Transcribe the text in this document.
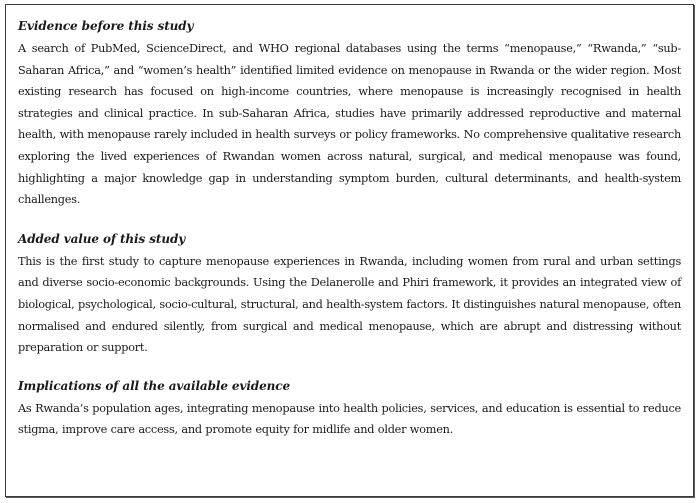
Evidence before this study

A search of PubMed, ScienceDirect, and WHO regional databases using the terms “menopause,” “Rwanda,” “sub-Saharan Africa,” and “women’s health” identified limited evidence on menopause in Rwanda or the wider region. Most existing research has focused on high-income countries, where menopause is increasingly recognised in health strategies and clinical practice. In sub-Saharan Africa, studies have primarily addressed reproductive and maternal health, with menopause rarely included in health surveys or policy frameworks. No comprehensive qualitative research exploring the lived experiences of Rwandan women across natural, surgical, and medical menopause was found, highlighting a major knowledge gap in understanding symptom burden, cultural determinants, and health-system challenges.

Added value of this study

This is the first study to capture menopause experiences in Rwanda, including women from rural and urban settings and diverse socio-economic backgrounds. Using the Delanerolle and Phiri framework, it provides an integrated view of biological, psychological, socio-cultural, structural, and health-system factors. It distinguishes natural menopause, often normalised and endured silently, from surgical and medical menopause, which are abrupt and distressing without preparation or support.

Implications of all the available evidence

As Rwanda’s population ages, integrating menopause into health policies, services, and education is essential to reduce stigma, improve care access, and promote equity for midlife and older women.
